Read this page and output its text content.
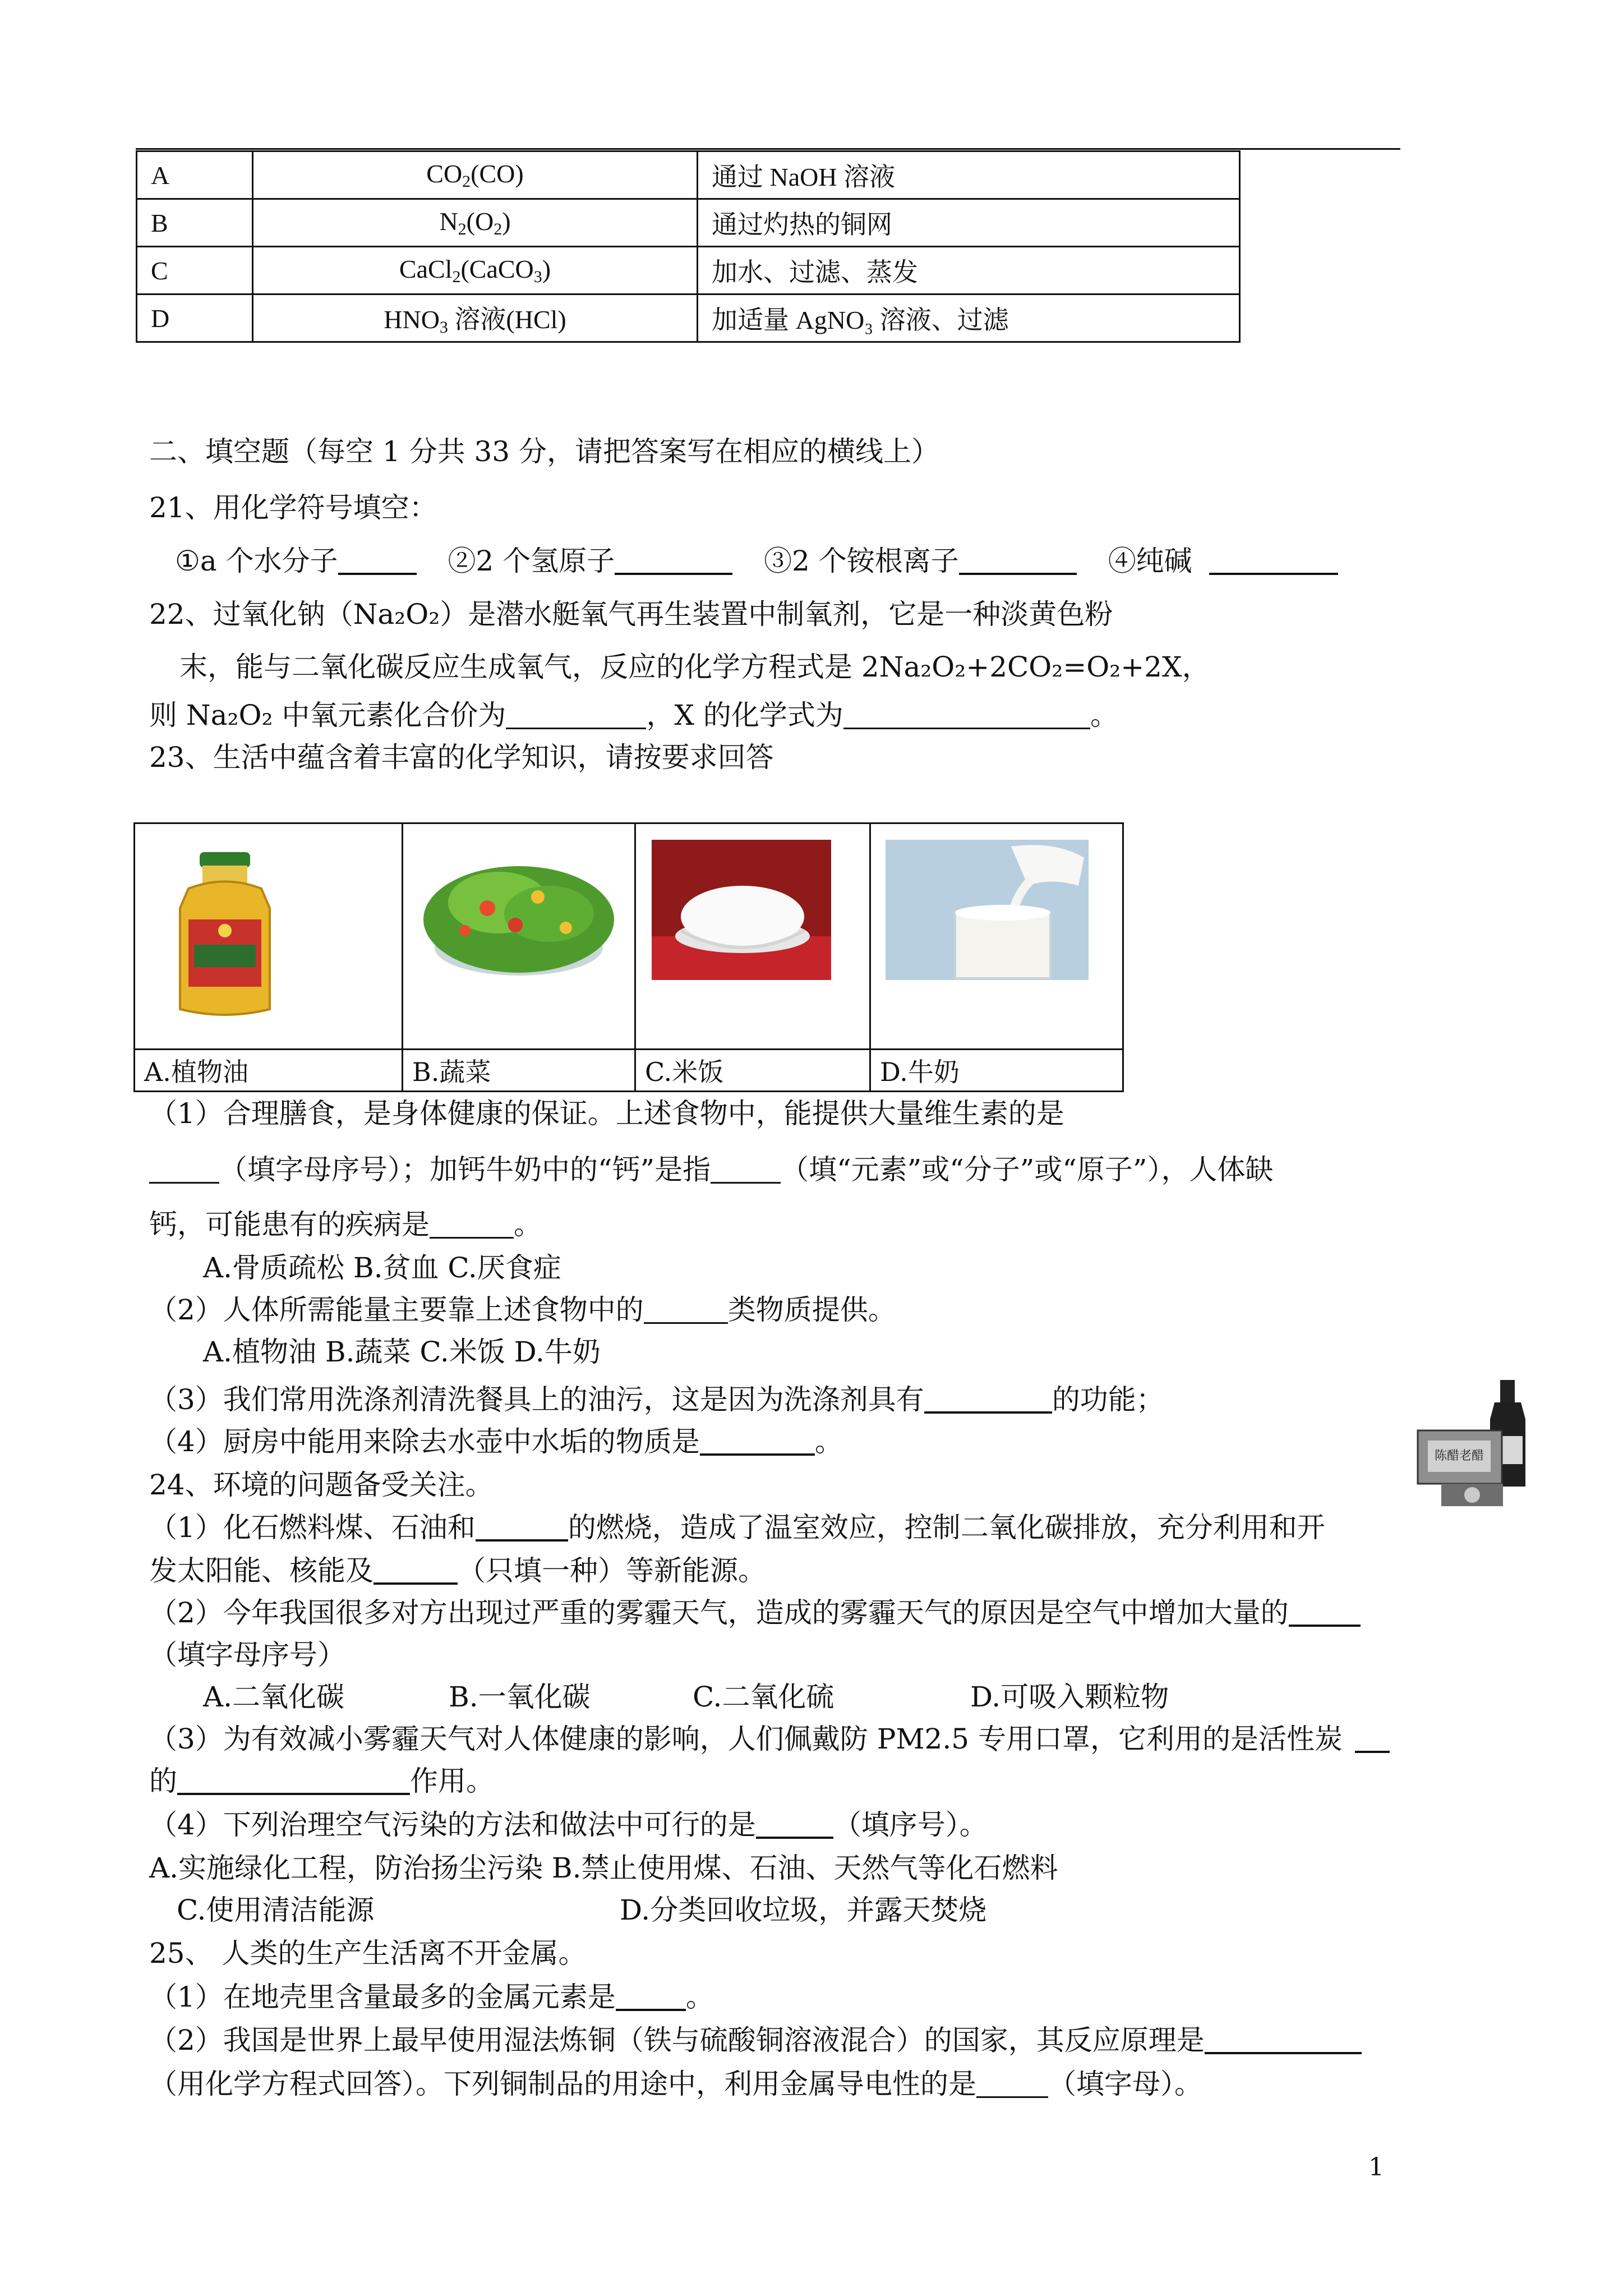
A	$CO_2(CO)$	通过 NaOH 溶液
B	$N_2(O_2)$	通过灼热的铜网
C	CaCl$_2$(CaCO$_3$)	加水、过滤、蒸发
D	$HNO_3$ 溶液(HCl)	加适量 AgNO₃ 溶液、过滤
二、填空题（每空 1 分共 33 分，请把答案写在相应的横线上）
21、用化学符号填空：
①a 个水分子	②2 个氢原子	③2 个铵根离子	④纯碱
22、过氧化钠（Na₂O₂）是潜水艇氧气再生装置中制氧剂，它是一种淡黄色粉
末，能与二氧化碳反应生成氧气，反应的化学方程式是 2Na₂O₂+2CO₂=O₂+2X，
则 Na₂O₂ 中氧元素化合价为	，X 的化学式为	。
23、生活中蕴含着丰富的化学知识，请按要求回答

A.植物油	B.蔬菜	C.米饭	D.牛奶
（1）合理膳食，是身体健康的保证。上述食物中，能提供大量维生素的是
（填字母序号）；加钙牛奶中的“钙”是指	（填“元素”或“分子”或“原子”），人体缺
钙，可能患有的疾病是	。
A.骨质疏松 B.贫血 C.厌食症
（2）人体所需能量主要靠上述食物中的	类物质提供。
A.植物油 B.蔬菜 C.米饭 D.牛奶
（3）我们常用洗涤剂清洗餐具上的油污，这是因为洗涤剂具有	的功能；
（4）厨房中能用来除去水壶中水垢的物质是	。	陈醋老醋
24、环境的问题备受关注。
（1）化石燃料煤、石油和	的燃烧，造成了温室效应，控制二氧化碳排放，充分利用和开
发太阳能、核能及	（只填一种）等新能源。
（2）今年我国很多对方出现过严重的雾霾天气，造成的雾霾天气的原因是空气中增加大量的
（填字母序号）
A.二氧化碳	B.一氧化碳	C.二氧化硫	D.可吸入颗粒物
（3）为有效减小雾霾天气对人体健康的影响，人们佩戴防 PM2.5 专用口罩，它利用的是活性炭
的	作用。
（4）下列治理空气污染的方法和做法中可行的是	（填序号）。
A.实施绿化工程，防治扬尘污染 B.禁止使用煤、石油、天然气等化石燃料
C.使用清洁能源	D.分类回收垃圾，并露天焚烧
25、 人类的生产生活离不开金属。
（1）在地壳里含量最多的金属元素是	。
（2）我国是世界上最早使用湿法炼铜（铁与硫酸铜溶液混合）的国家，其反应原理是
（用化学方程式回答）。下列铜制品的用途中，利用金属导电性的是	（填字母）。
1
